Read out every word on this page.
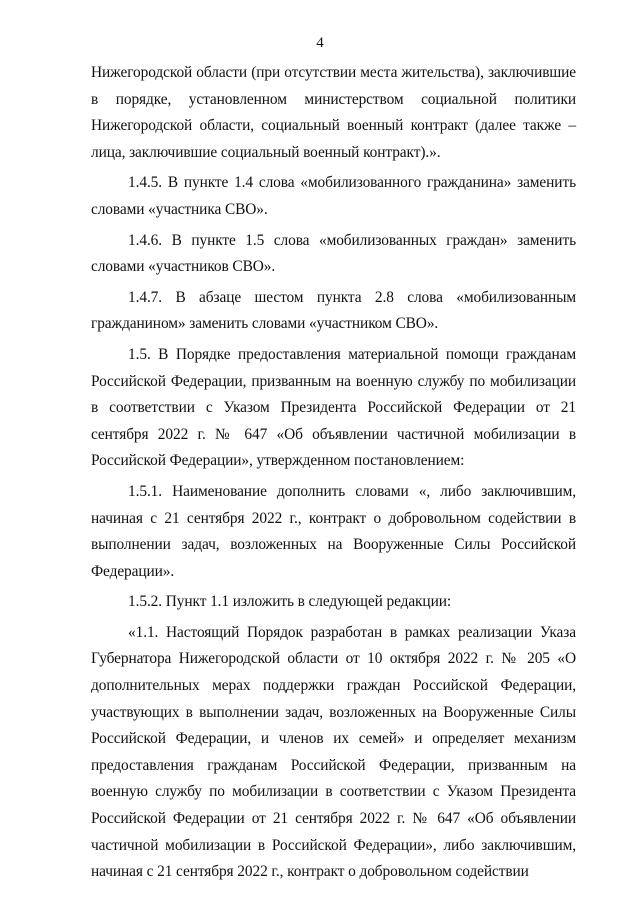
4

Нижегородской области (при отсутствии места жительства), заключившие в порядке, установленном министерством социальной политики Нижегородской области, социальный военный контракт (далее также – лица, заключившие социальный военный контракт).».

1.4.5. В пункте 1.4 слова «мобилизованного гражданина» заменить словами «участника СВО».

1.4.6. В пункте 1.5 слова «мобилизованных граждан» заменить словами «участников СВО».

1.4.7. В абзаце шестом пункта 2.8 слова «мобилизованным гражданином» заменить словами «участником СВО».

1.5. В Порядке предоставления материальной помощи гражданам Российской Федерации, призванным на военную службу по мобилизации в соответствии с Указом Президента Российской Федерации от 21 сентября 2022 г. № 647 «Об объявлении частичной мобилизации в Российской Федерации», утвержденном постановлением:

1.5.1. Наименование дополнить словами «, либо заключившим, начиная с 21 сентября 2022 г., контракт о добровольном содействии в выполнении задач, возложенных на Вооруженные Силы Российской Федерации».

1.5.2. Пункт 1.1 изложить в следующей редакции:

«1.1. Настоящий Порядок разработан в рамках реализации Указа Губернатора Нижегородской области от 10 октября 2022 г. № 205 «О дополнительных мерах поддержки граждан Российской Федерации, участвующих в выполнении задач, возложенных на Вооруженные Силы Российской Федерации, и членов их семей» и определяет механизм предоставления гражданам Российской Федерации, призванным на военную службу по мобилизации в соответствии с Указом Президента Российской Федерации от 21 сентября 2022 г. № 647 «Об объявлении частичной мобилизации в Российской Федерации», либо заключившим, начиная с 21 сентября 2022 г., контракт о добровольном содействии
